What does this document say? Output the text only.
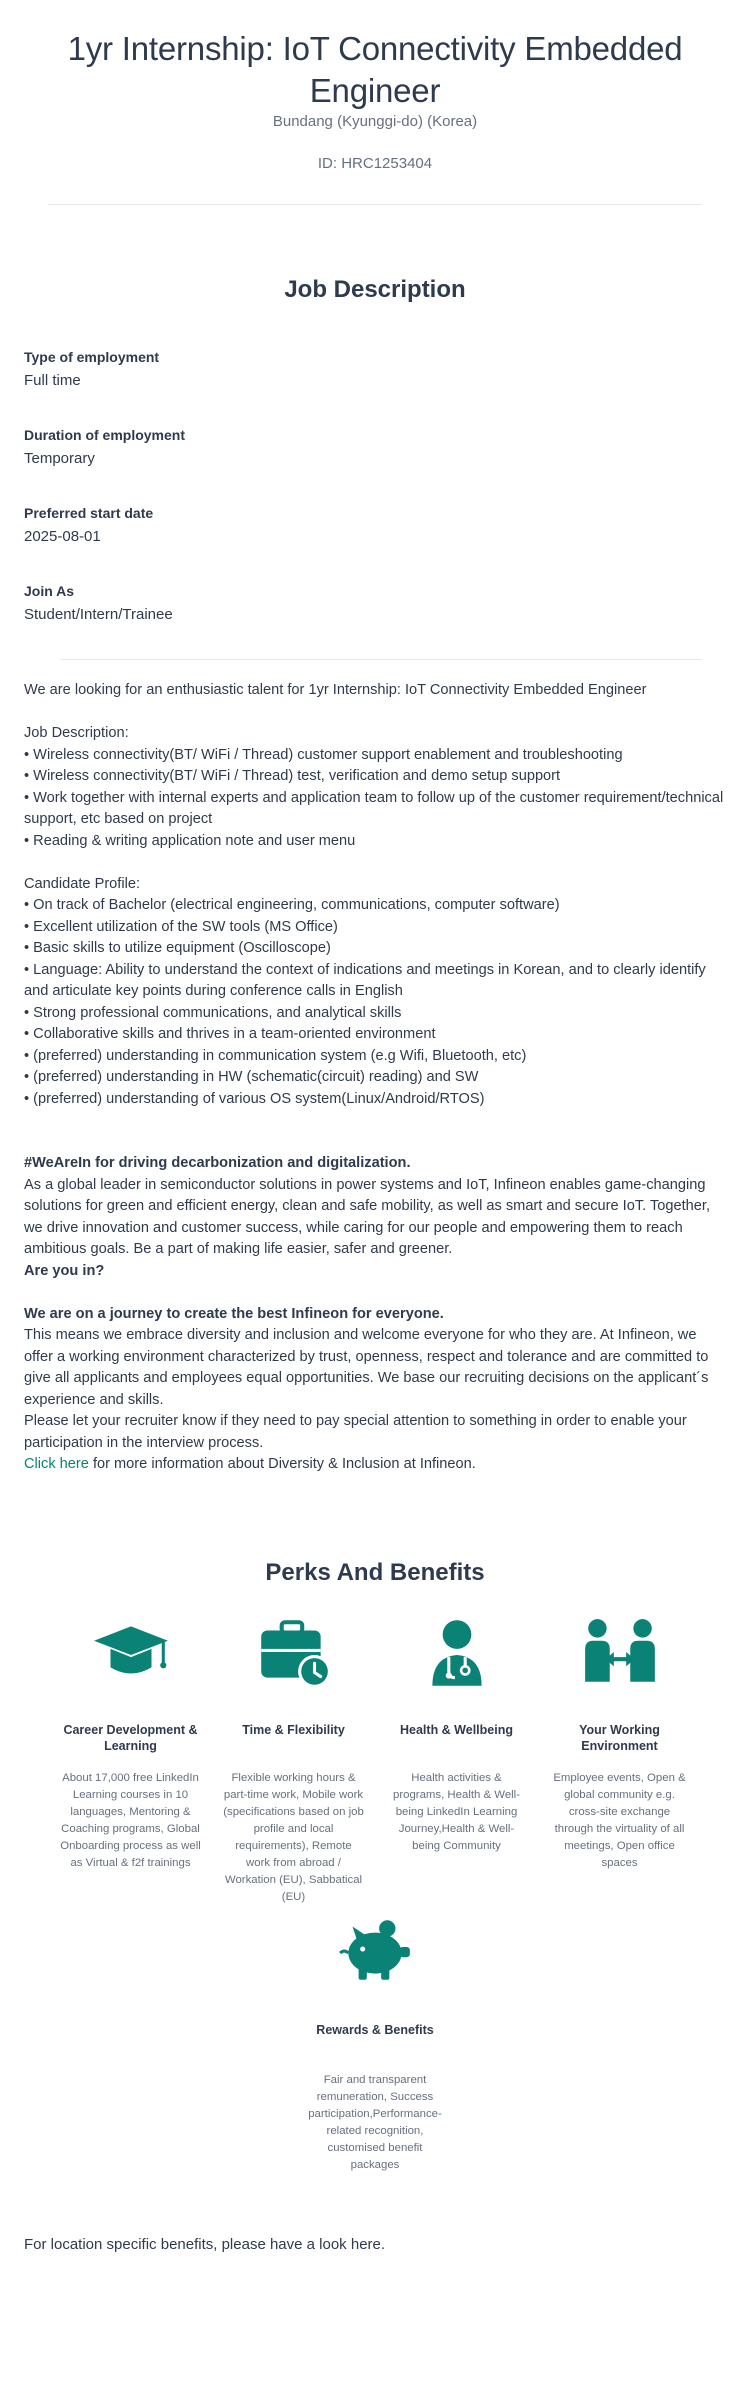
1yr Internship: IoT Connectivity Embedded Engineer
Bundang (Kyunggi-do) (Korea)
ID: HRC1253404
Job Description
Type of employment
Full time
Duration of employment
Temporary
Preferred start date
2025-08-01
Join As
Student/Intern/Trainee

We are looking for an enthusiastic talent for 1yr Internship: IoT Connectivity Embedded Engineer

Job Description:

• Wireless connectivity(BT/ WiFi / Thread) customer support enablement and troubleshooting

• Wireless connectivity(BT/ WiFi / Thread) test, verification and demo setup support

• Work together with internal experts and application team to follow up of the customer requirement/technical support, etc based on project

• Reading & writing application note and user menu

Candidate Profile:

• On track of Bachelor (electrical engineering, communications, computer software)

• Excellent utilization of the SW tools (MS Office)

• Basic skills to utilize equipment (Oscilloscope)

• Language: Ability to understand the context of indications and meetings in Korean, and to clearly identify and articulate key points during conference calls in English

• Strong professional communications, and analytical skills

• Collaborative skills and thrives in a team-oriented environment

• (preferred) understanding in communication system (e.g Wifi, Bluetooth, etc)

• (preferred) understanding in HW (schematic(circuit) reading) and SW

• (preferred) understanding of various OS system(Linux/Android/RTOS)

#WeAreIn for driving decarbonization and digitalization.

As a global leader in semiconductor solutions in power systems and IoT, Infineon enables game-changing solutions for green and efficient energy, clean and safe mobility, as well as smart and secure IoT. Together, we drive innovation and customer success, while caring for our people and empowering them to reach ambitious goals. Be a part of making life easier, safer and greener.

Are you in?

We are on a journey to create the best Infineon for everyone.

This means we embrace diversity and inclusion and welcome everyone for who they are. At Infineon, we offer a working environment characterized by trust, openness, respect and tolerance and are committed to give all applicants and employees equal opportunities. We base our recruiting decisions on the applicant´s experience and skills.

Please let your recruiter know if they need to pay special attention to something in order to enable your participation in the interview process.

Click here for more information about Diversity & Inclusion at Infineon.

Perks And Benefits
Career Development & Learning
About 17,000 free LinkedIn Learning courses in 10 languages, Mentoring & Coaching programs, Global Onboarding process as well as Virtual & f2f trainings
Time & Flexibility
Flexible working hours & part-time work, Mobile work (specifications based on job profile and local requirements), Remote work from abroad / Workation (EU), Sabbatical (EU)
Health & Wellbeing
Health activities & programs, Health & Well-being LinkedIn Learning Journey,Health & Well-being Community
Your Working Environment
Employee events, Open & global community e.g. cross-site exchange through the virtuality of all meetings, Open office spaces
Rewards & Benefits
Fair and transparent remuneration, Success participation,Performance-related recognition, customised benefit packages
For location specific benefits, please have a look here.
